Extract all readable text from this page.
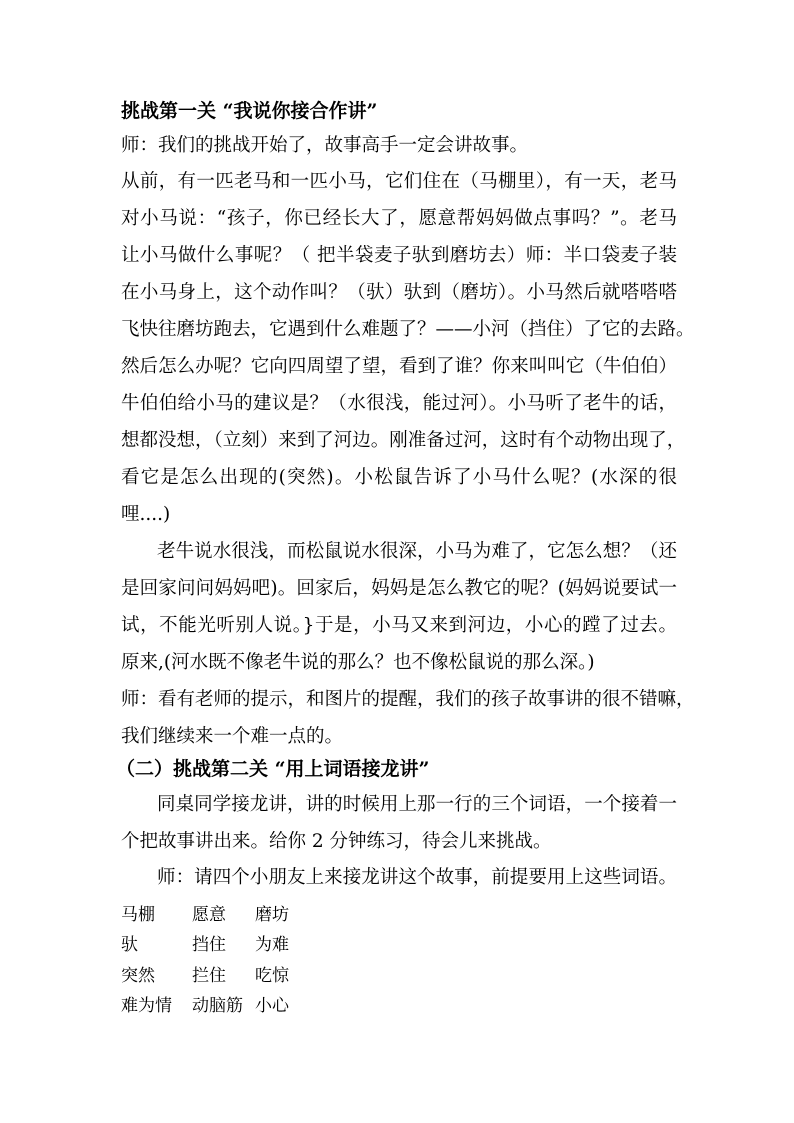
挑战第一关 “我说你接合作讲”
师：我们的挑战开始了，故事高手一定会讲故事。
从前，有一匹老马和一匹小马，它们住在（马棚里），有一天，老马
对小马说：“孩子，你已经长大了，愿意帮妈妈做点事吗？”。老马
让小马做什么事呢？（ 把半袋麦子驮到磨坊去）师：半口袋麦子装
在小马身上，这个动作叫？（驮）驮到（磨坊）。小马然后就嗒嗒嗒
飞快往磨坊跑去，它遇到什么难题了？——小河（挡住）了它的去路。
然后怎么办呢？它向四周望了望，看到了谁？你来叫叫它（牛伯伯）
牛伯伯给小马的建议是？（水很浅，能过河）。小马听了老牛的话，
想都没想，（立刻）来到了河边。刚准备过河，这时有个动物出现了，
看它是怎么出现的(突然)。小松鼠告诉了小马什么呢？(水深的很
哩....)
老牛说水很浅，而松鼠说水很深，小马为难了，它怎么想？（还
是回家问问妈妈吧)。回家后，妈妈是怎么教它的呢？(妈妈说要试一
试，不能光听别人说。}于是，小马又来到河边，小心的蹚了过去。
原来,(河水既不像老牛说的那么？也不像松鼠说的那么深。)
师：看有老师的提示，和图片的提醒，我们的孩子故事讲的很不错嘛，
我们继续来一个难一点的。
（二）挑战第二关 “用上词语接龙讲”
同桌同学接龙讲，讲的时候用上那一行的三个词语，一个接着一
个把故事讲出来。给你 2 分钟练习，待会儿来挑战。
师：请四个小朋友上来接龙讲这个故事，前提要用上这些词语。
马棚 愿意 磨坊
驮	挡住 为难
突然 拦住 吃惊
难为情 动脑筋 小心
